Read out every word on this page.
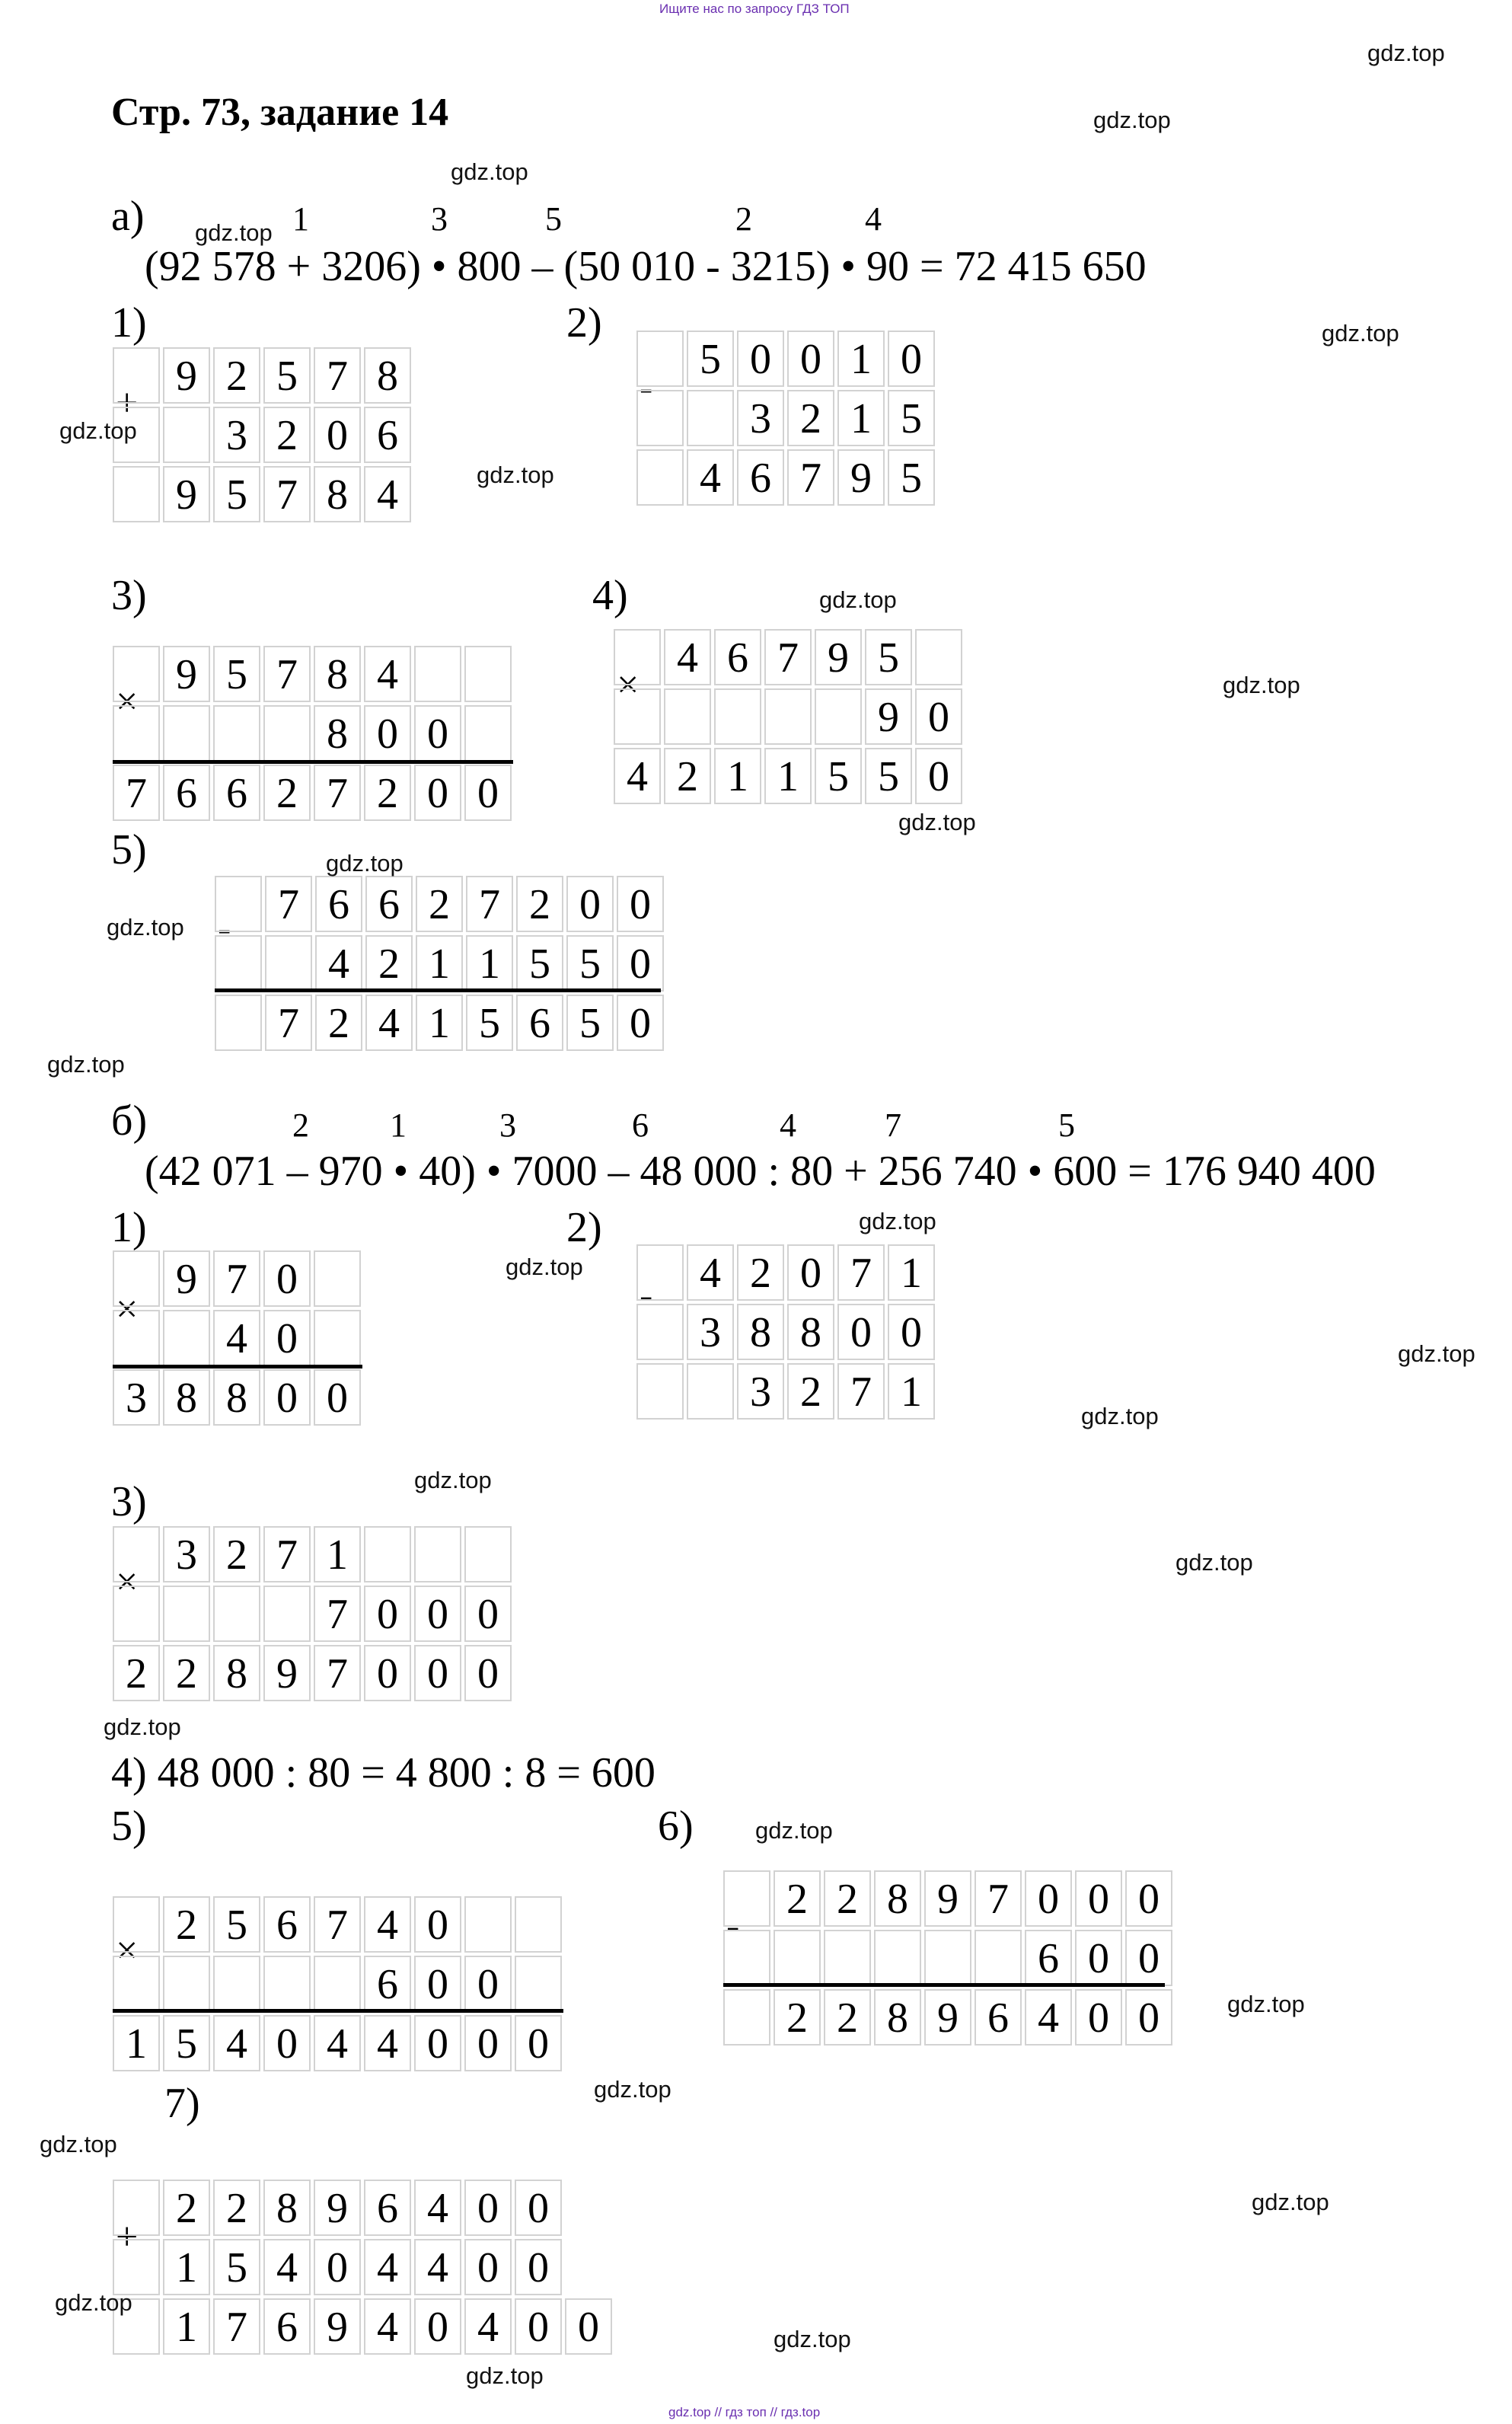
Ищите нас по запросу ГДЗ ТОП
gdz.top // гдз топ // гдз.top
Стр. 73, задание 14
а)	1	3	5	2	4
(92 578 + 3206) • 800 – (50 010 - 3215) • 90 = 72 415 650
1)
+
9 2 5 7 8
3 2 0 6
9 5 7 8 4
2)
-
5 0 0 1 0
3 2 1 5
4 6 7 9 5
3)
×
9 5 7 8 4
8 0 0
7 6 6 2 7 2 0 0
4)
×
4 6 7 9 5
9 0
4 2 1 1 5 5 0
5)
-
7 6 6 2 7 2 0 0
4 2 1 1 5 5 0
7 2 4 1 5 6 5 0
б)	2 1	3	6	4	7	5
(42 071 – 970 • 40) • 7000 – 48 000 : 80 + 256 740 • 600 = 176 940 400
1)
×
9 7 0
4 0
3 8 8 0 0
2)
-	4 2 0 7 1
3 8 8 0 0
3 2 7 1
3)
×
3 2 7 1
7 0 0 0
2 2 8 9 7 0 0 0
4) 48 000 : 80 = 4 800 : 8 = 600
5)
×
2 5 6 7 4 0
6 0 0
1 5 4 0 4 4 0 0 0
6)
-
2 2 8 9 7 0 0 0
6 0 0
2 2 8 9 6 4 0 0
7)
+
2 2 8 9 6 4 0 0
1 5 4 0 4 4 0 0
1 7 6 9 4 0 4 0 0
gdz.top
gdz.top
gdz.top
gdz.top
gdz.top
gdz.top
gdz.top
gdz.top
gdz.top
gdz.top
gdz.top
gdz.top
gdz.top
gdz.top
gdz.top
gdz.top
gdz.top
gdz.top
gdz.top
gdz.top
gdz.top
gdz.top
gdz.top
gdz.top
gdz.top
gdz.top
gdz.top
gdz.top
